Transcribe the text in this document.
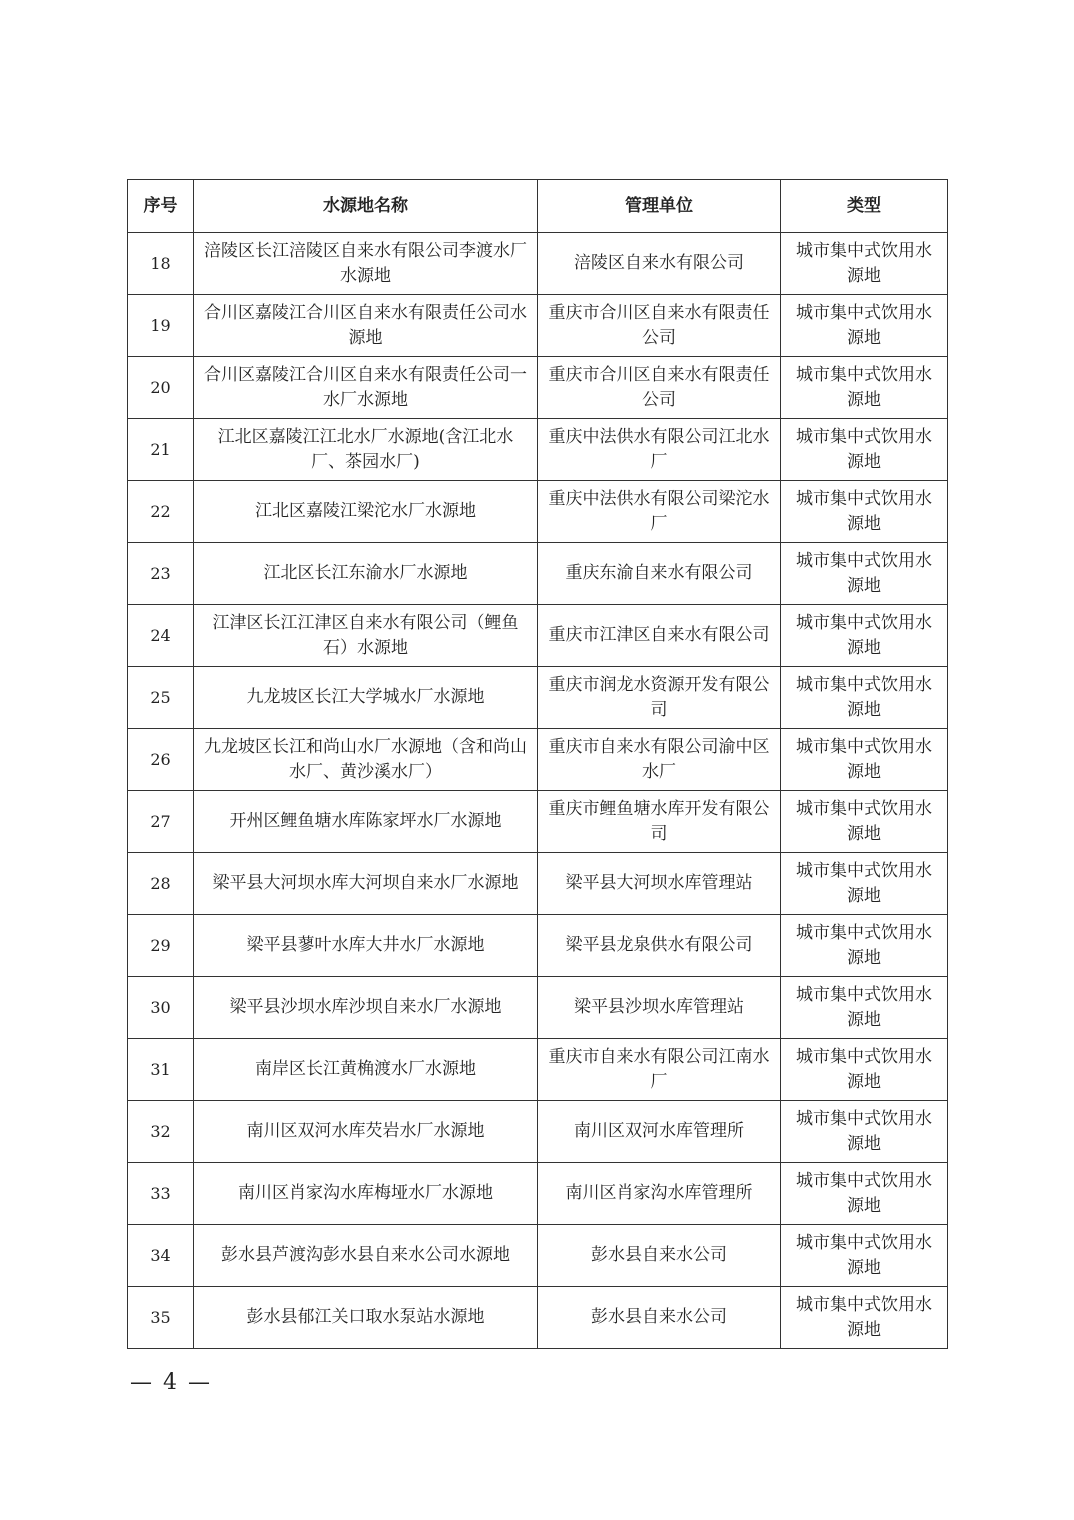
序号	水源地名称	管理单位	类型
18	涪陵区长江涪陵区自来水有限公司李渡水厂水源地	涪陵区自来水有限公司	城市集中式饮用水源地
19	合川区嘉陵江合川区自来水有限责任公司水源地	重庆市合川区自来水有限责任公司	城市集中式饮用水源地
20	合川区嘉陵江合川区自来水有限责任公司一水厂水源地	重庆市合川区自来水有限责任公司	城市集中式饮用水源地
21	江北区嘉陵江江北水厂水源地(含江北水厂、茶园水厂)	重庆中法供水有限公司江北水厂	城市集中式饮用水源地
22	江北区嘉陵江梁沱水厂水源地	重庆中法供水有限公司梁沱水厂	城市集中式饮用水源地
23	江北区长江东渝水厂水源地	重庆东渝自来水有限公司	城市集中式饮用水源地
24	江津区长江江津区自来水有限公司（鲤鱼石）水源地	重庆市江津区自来水有限公司	城市集中式饮用水源地
25	九龙坡区长江大学城水厂水源地	重庆市润龙水资源开发有限公司	城市集中式饮用水源地
26	九龙坡区长江和尚山水厂水源地（含和尚山水厂、黄沙溪水厂）	重庆市自来水有限公司渝中区水厂	城市集中式饮用水源地
27	开州区鲤鱼塘水库陈家坪水厂水源地	重庆市鲤鱼塘水库开发有限公司	城市集中式饮用水源地
28	梁平县大河坝水库大河坝自来水厂水源地	梁平县大河坝水库管理站	城市集中式饮用水源地
29	梁平县蓼叶水库大井水厂水源地	梁平县龙泉供水有限公司	城市集中式饮用水源地
30	梁平县沙坝水库沙坝自来水厂水源地	梁平县沙坝水库管理站	城市集中式饮用水源地
31	南岸区长江黄桷渡水厂水源地	重庆市自来水有限公司江南水厂	城市集中式饮用水源地
32	南川区双河水库芡岩水厂水源地	南川区双河水库管理所	城市集中式饮用水源地
33	南川区肖家沟水库梅垭水厂水源地	南川区肖家沟水库管理所	城市集中式饮用水源地
34	彭水县芦渡沟彭水县自来水公司水源地	彭水县自来水公司	城市集中式饮用水源地
35	彭水县郁江关口取水泵站水源地	彭水县自来水公司	城市集中式饮用水源地
— 4 —
